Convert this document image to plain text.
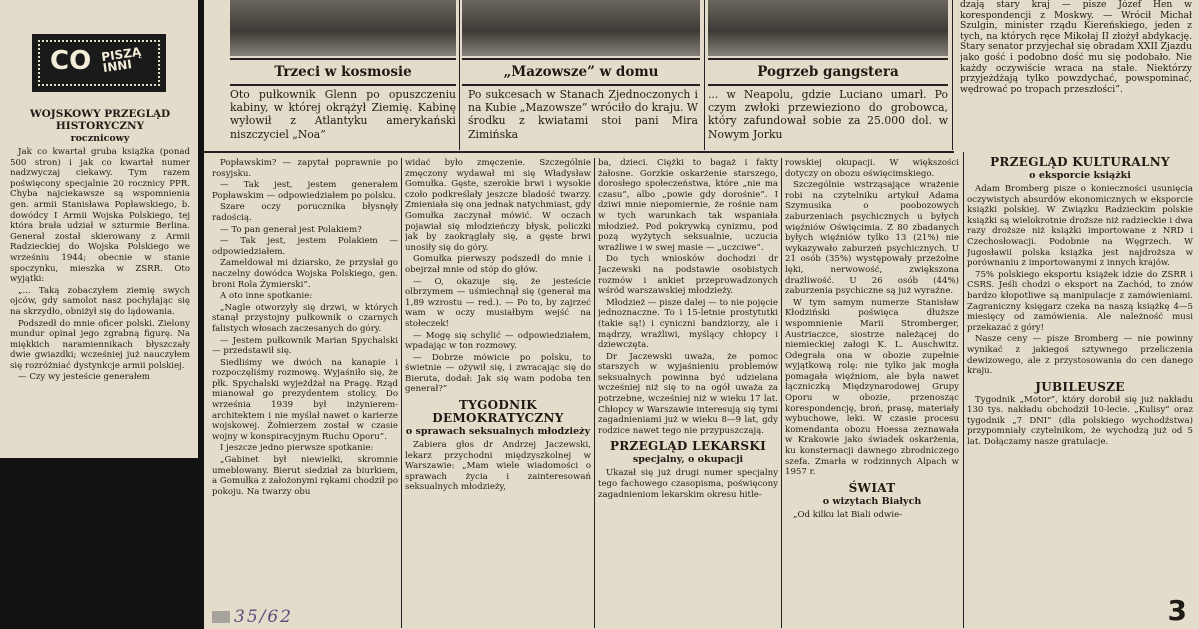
CO PISZĄ INNI
WOJSKOWY PRZEGLĄD HISTORYCZNY
rocznicowy

Jak co kwartał gruba książka (ponad 500 stron) i jak co kwartał numer nadzwyczaj ciekawy. Tym razem poświęcony specjalnie 20 rocznicy PPR. Chyba najciekawsze są wspomnienia gen. armii Stanisława Popławskiego, b. dowódcy I Armii Wojska Polskiego, tej która brała udział w szturmie Berlina. Generał został skierowany z Armii Radzieckiej do Wojska Polskiego we wrześniu 1944; obecnie w stanie spoczynku, mieszka w ZSRR. Oto wyjątki:

„... Taką zobaczyłem ziemię swych ojców, gdy samolot nasz pochylając się na skrzydło, obniżył się do lądowania.

Podszedł do mnie oficer polski. Zielony mundur opinał jego zgrabną figurę. Na miękkich naramiennikach błyszczały dwie gwiazdki; wcześniej już nauczyłem się rozróżniać dystynkcje armii polskiej.

— Czy wy jesteście generałem

Trzeci w kosmosie	„Mazowsze” w domu	Pogrzeb gangstera
Oto pułkownik Glenn po opuszczeniu kabiny, w której okrążył Ziemię. Kabinę wyłowił z Atlantyku amerykański niszczyciel „Noa”
Po sukcesach w Stanach Zjednoczonych i na Kubie „Mazowsze” wróciło do kraju. W środku z kwiatami stoi pani Mira Zimińska
... w Neapolu, gdzie Luciano umarł. Po czym zwłoki przewieziono do grobowca, który zafundował sobie za 25.000 dol. w Nowym Jorku

dzają stary kraj — pisze Józef Hen w korespondencji z Moskwy. — Wrócił Michał Szulgin, minister rządu Kiereńskiego, jeden z tych, na których ręce Mikołaj II złożył abdykację. Stary senator przyjechał się obradam XXII Zjazdu jako gość i podobno dość mu się podobało. Nie każdy oczywiście wraca na stałe. Niektórzy przyjeżdżają tylko powzdychać, powspominać, wędrować po tropach przeszłości”.

Popławskim? — zapytał poprawnie po rosyjsku.

— Tak jest, jestem generałem Popławskim — odpowiedziałem po polsku.

Szare oczy porucznika błysnęły radością.

— To pan generał jest Polakiem?

— Tak jest, jestem Polakiem — odpowiedziałem.

Zameldował mi dziarsko, że przysłał go naczelny dowódca Wojska Polskiego, gen. broni Rola Żymierski”.

A oto inne spotkanie:

„Nagle otworzyły się drzwi, w których stanął przystojny pułkownik o czarnych falistych włosach zaczesanych do góry.

— Jestem pułkownik Marian Spychalski — przedstawił się.

Siedliśmy we dwóch na kanapie i rozpoczęliśmy rozmowę. Wyjaśniło się, że płk. Spychalski wyjeżdżał na Pragę. Rząd mianował go prezydentem stolicy. Do września 1939 był inżynierem-architektem i nie myślał nawet o karierze wojskowej. Żołnierzem został w czasie wojny w konspiracyjnym Ruchu Oporu”.

I jeszcze jedno pierwsze spotkanie:

„Gabinet był niewielki, skromnie umeblowany. Bierut siedział za biurkiem, a Gomułka z założonymi rękami chodził po pokoju. Na twarzy obu

widać było zmęczenie. Szczególnie zmęczony wydawał mi się Władysław Gomułka. Gęste, szerokie brwi i wysokie czoło podkreślały jeszcze bladość twarzy. Zmieniała się ona jednak natychmiast, gdy Gomułka zaczynał mówić. W oczach pojawiał się młodzieńczy błysk, policzki jak by zaokrąglały się, a gęste brwi unosiły się do góry.

Gomułka pierwszy podszedł do mnie i obejrzał mnie od stóp do głów.

— O, okazuje się, że jesteście olbrzymem — uśmiechnął się (generał ma 1,89 wzrostu — red.). — Po to, by zajrzeć wam w oczy musiałbym wejść na stołeczek!

— Mogę się schylić — odpowiedziałem, wpadając w ton rozmowy.

— Dobrze mówicie po polsku, to świetnie — ożywił się, i zwracając się do Bieruta, dodał: Jak się wam podoba ten generał?”

TYGODNIK DEMOKRATYCZNY
o sprawach seksualnych młodzieży

Zabiera głos dr Andrzej Jaczewski, lekarz przychodni międzyszkolnej w Warszawie: „Mam wiele wiadomości o sprawach życia i zainteresowań seksualnych młodzieży,

ba, dzieci. Ciężki to bagaż i fakty żałosne. Gorzkie oskarżenie starszego, dorosłego społeczeństwa, które „nie ma czasu”, albo „powie gdy dorośnie”. I dziwi mnie niepomiernie, że rośnie nam w tych warunkach tak wspaniała młodzież. Pod pokrywką cynizmu, pod pozą wyżytych seksualnie, uczucia wrażliwe i w swej masie — „uczciwe”.

Do tych wniosków dochodzi dr Jaczewski na podstawie osobistych rozmów i ankiet przeprowadzonych wśród warszawskiej młodzieży.

Młodzież — pisze dalej — to nie pojęcie jednoznaczne. To i 15-letnie prostytutki (takie są!) i cyniczni bandziorzy, ale i mądrzy, wrażliwi, myślący chłopcy i dziewczęta.

Dr Jaczewski uważa, że pomoc starszych w wyjaśnieniu problemów seksualnych powinna być udzielana wcześniej niż się to na ogół uważa za potrzebne, wcześniej niż w wieku 17 lat. Chłopcy w Warszawie interesują się tymi zagadnieniami już w wieku 8—9 lat, gdy rodzice nawet tego nie przypuszczają.

PRZEGLĄD LEKARSKI
specjalny, o okupacji

Ukazał się już drugi numer specjalny tego fachowego czasopisma, poświęcony zagadnieniom lekarskim okresu hitle-

rowskiej okupacji. W większości dotyczy on obozu oświęcimskiego.

Szczególnie wstrząsające wrażenie robi na czytelniku artykuł Adama Szymusika o poobozowych zaburzeniach psychicznych u byłych więźniów Oświęcimia. Z 80 zbadanych byłych więźniów tylko 13 (21%) nie wykazywało zaburzeń psychicznych. U 21 osób (35%) występowały przeżołne lęki, nerwowość, zwiększona drażliwość. U 26 osób (44%) zaburzenia psychiczne są już wyraźne.

W tym samym numerze Stanisław Kłodziński poświęca dłuższe wspomnienie Marii Stromberger, Austriaczce, siostrze należącej do niemieckiej załogi K. L. Auschwitz. Odegrała ona w obozie zupełnie wyjątkową rolę: nie tylko jak mogła pomagała więźniom, ale była nawet łączniczką Międzynarodowej Grupy Oporu w obozie, przenosząc korespondencję, broń, prasę, materiały wybuchowe, leki. W czasie procesu komendanta obozu Hoessa zeznawała w Krakowie jako świadek oskarżenia, ku konsternacji dawnego zbrodniczego szefa. Zmarła w rodzinnych Alpach w 1957 r.

ŚWIAT
o wizytach Białych

„Od kilku lat Biali odwie-

PRZEGLĄD KULTURALNY
o eksporcie książki

Adam Bromberg pisze o konieczności usunięcia oczywistych absurdów ekonomicznych w eksporcie książki polskiej. W Związku Radzieckim polskie książki są wielokrotnie droższe niż radzieckie i dwa razy droższe niż książki importowane z NRD i Czechosłowacji. Podobnie na Węgrzech. W Jugosławii polska książka jest najdroższa w porównaniu z importowanymi z innych krajów.

75% polskiego eksportu książek idzie do ZSRR i CSRS. Jeśli chodzi o eksport na Zachód, to znów bardzo kłopotliwe są manipulacje z zamówieniami. Zagraniczny księgarz czeka na naszą książkę 4—5 miesięcy od zamówienia. Ale należność musi przekazać z góry!

Nasze ceny — pisze Bromberg — nie powinny wynikać z jakiegoś sztywnego przeliczenia dewizowego, ale z przystosowania do cen danego kraju.

JUBILEUSZE

Tygodnik „Motor”, który dorobił się już nakładu 130 tys. nakładu obchodził 10-lecie. „Kulisy” oraz tygodnik „7 DNI” (dla polskiego wychodźstwa) przypomniały czytelnikom, że wychodzą już od 5 lat. Dołączamy nasze gratulacje.

35/62	3
